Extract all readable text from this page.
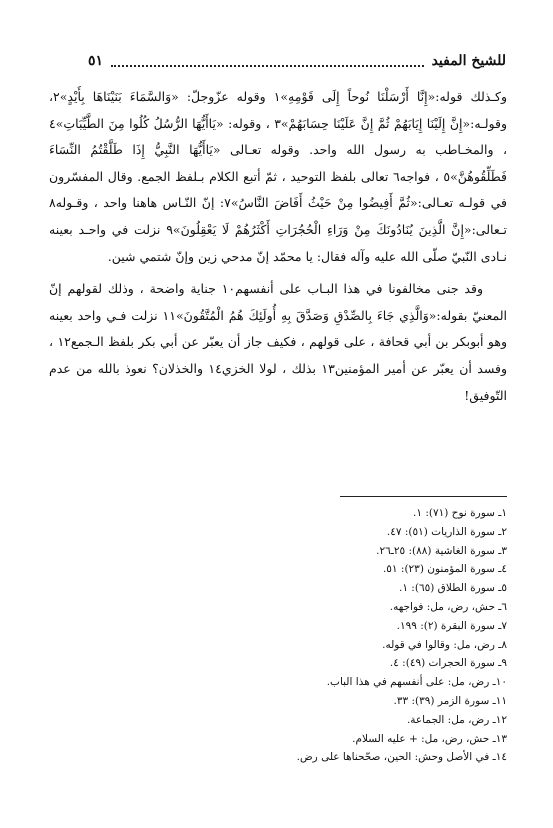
للشيخ المفيد
٥١

وكـذلك قوله:«إِنَّا أَرْسَلْنَا نُوحاً إِلَى قَوْمِهِ»١ وقوله عزّوجلّ: «وَالسَّمَاءَ بَنَيْنَاهَا بِأَيْدٍ»٢، وقولـه:«إِنَّ إِلَيْنَا إِيَابَهُمْ ثُمَّ إِنَّ عَلَيْنَا حِسَابَهُمْ»٣ ، وقوله: «يَاأَيُّهَا الرُّسُلُ كُلُوا مِنَ الطَّيِّبَاتِ»٤ ، والمخـاطب به رسول الله واحد. وقوله تعـالى «يَاأَيُّهَا النَّبِيُّ إِذَا طَلَّقْتُمُ النِّسَاءَ فَطَلِّقُوهُنَّ»٥ ، فواجه٦ تعالى بلفظ التوحيد ، ثمّ أتبع الكلام بـلفظ الجمع. وقال المفسّرون في قولـه تعـالى:«ثُمَّ أَفِيضُوا مِنْ حَيْثُ أَفَاضَ النَّاسُ»٧: إنّ النّـاس هاهنا واحد ، وقـوله٨ تـعالى:«إِنَّ الَّذِينَ يُنَادُونَكَ مِنْ وَرَاءِ الْحُجُرَاتِ أَكْثَرُهُمْ لَا يَعْقِلُونَ»٩ نزلت في واحـد بعينه نـادى النّبيّ صلّى الله عليه وآله فقال: يا محمّد إنّ مدحي زين وإنّ شتمي شين.

وقد جنى مخالفونا في هذا البـاب على أنفسهم١٠ جناية واضحة ، وذلك لقولهم إنّ المعنيّ بقوله:«وَالَّذِي جَاءَ بِالصِّدْقِ وَصَدَّقَ بِهِ أُولَئِكَ هُمُ الْمُتَّقُونَ»١١ نزلت فـي واحد بعينه وهو أبوبكر بن أبي قحافة ، على قولهم ، فكيف جاز أن يعبّر عن أبي بكر بلفظ الـجمع١٢ ، وفسد أن يعبّر عن أمير المؤمنين١٣ بذلك ، لولا الخزي١٤ والخذلان؟ نعوذ بالله من عدم التّوفيق!

١ـ سورة نوح (٧١): ١.
٢ـ سورة الذاريات (٥١): ٤٧.
٣ـ سورة الغاشية (٨٨): ٢٥ـ٢٦.
٤ـ سورة المؤمنون (٢٣): ٥١.
٥ـ سورة الطلاق (٦٥): ١.
٦ـ حش، رض، مل: فواجهه.
٧ـ سورة البقرة (٢): ١٩٩.
٨ـ رض، مل: وقالوا في قوله.
٩ـ سورة الحجرات (٤٩): ٤.
١٠ـ رض، مل: على أنفسهم في هذا الباب.
١١ـ سورة الزمر (٣٩): ٣٣.
١٢ـ رض، مل: الجماعة.
١٣ـ حش، رض، مل: + عليه السلام.
١٤ـ في الأصل وحش: الحين، صحّحناها على رض.
